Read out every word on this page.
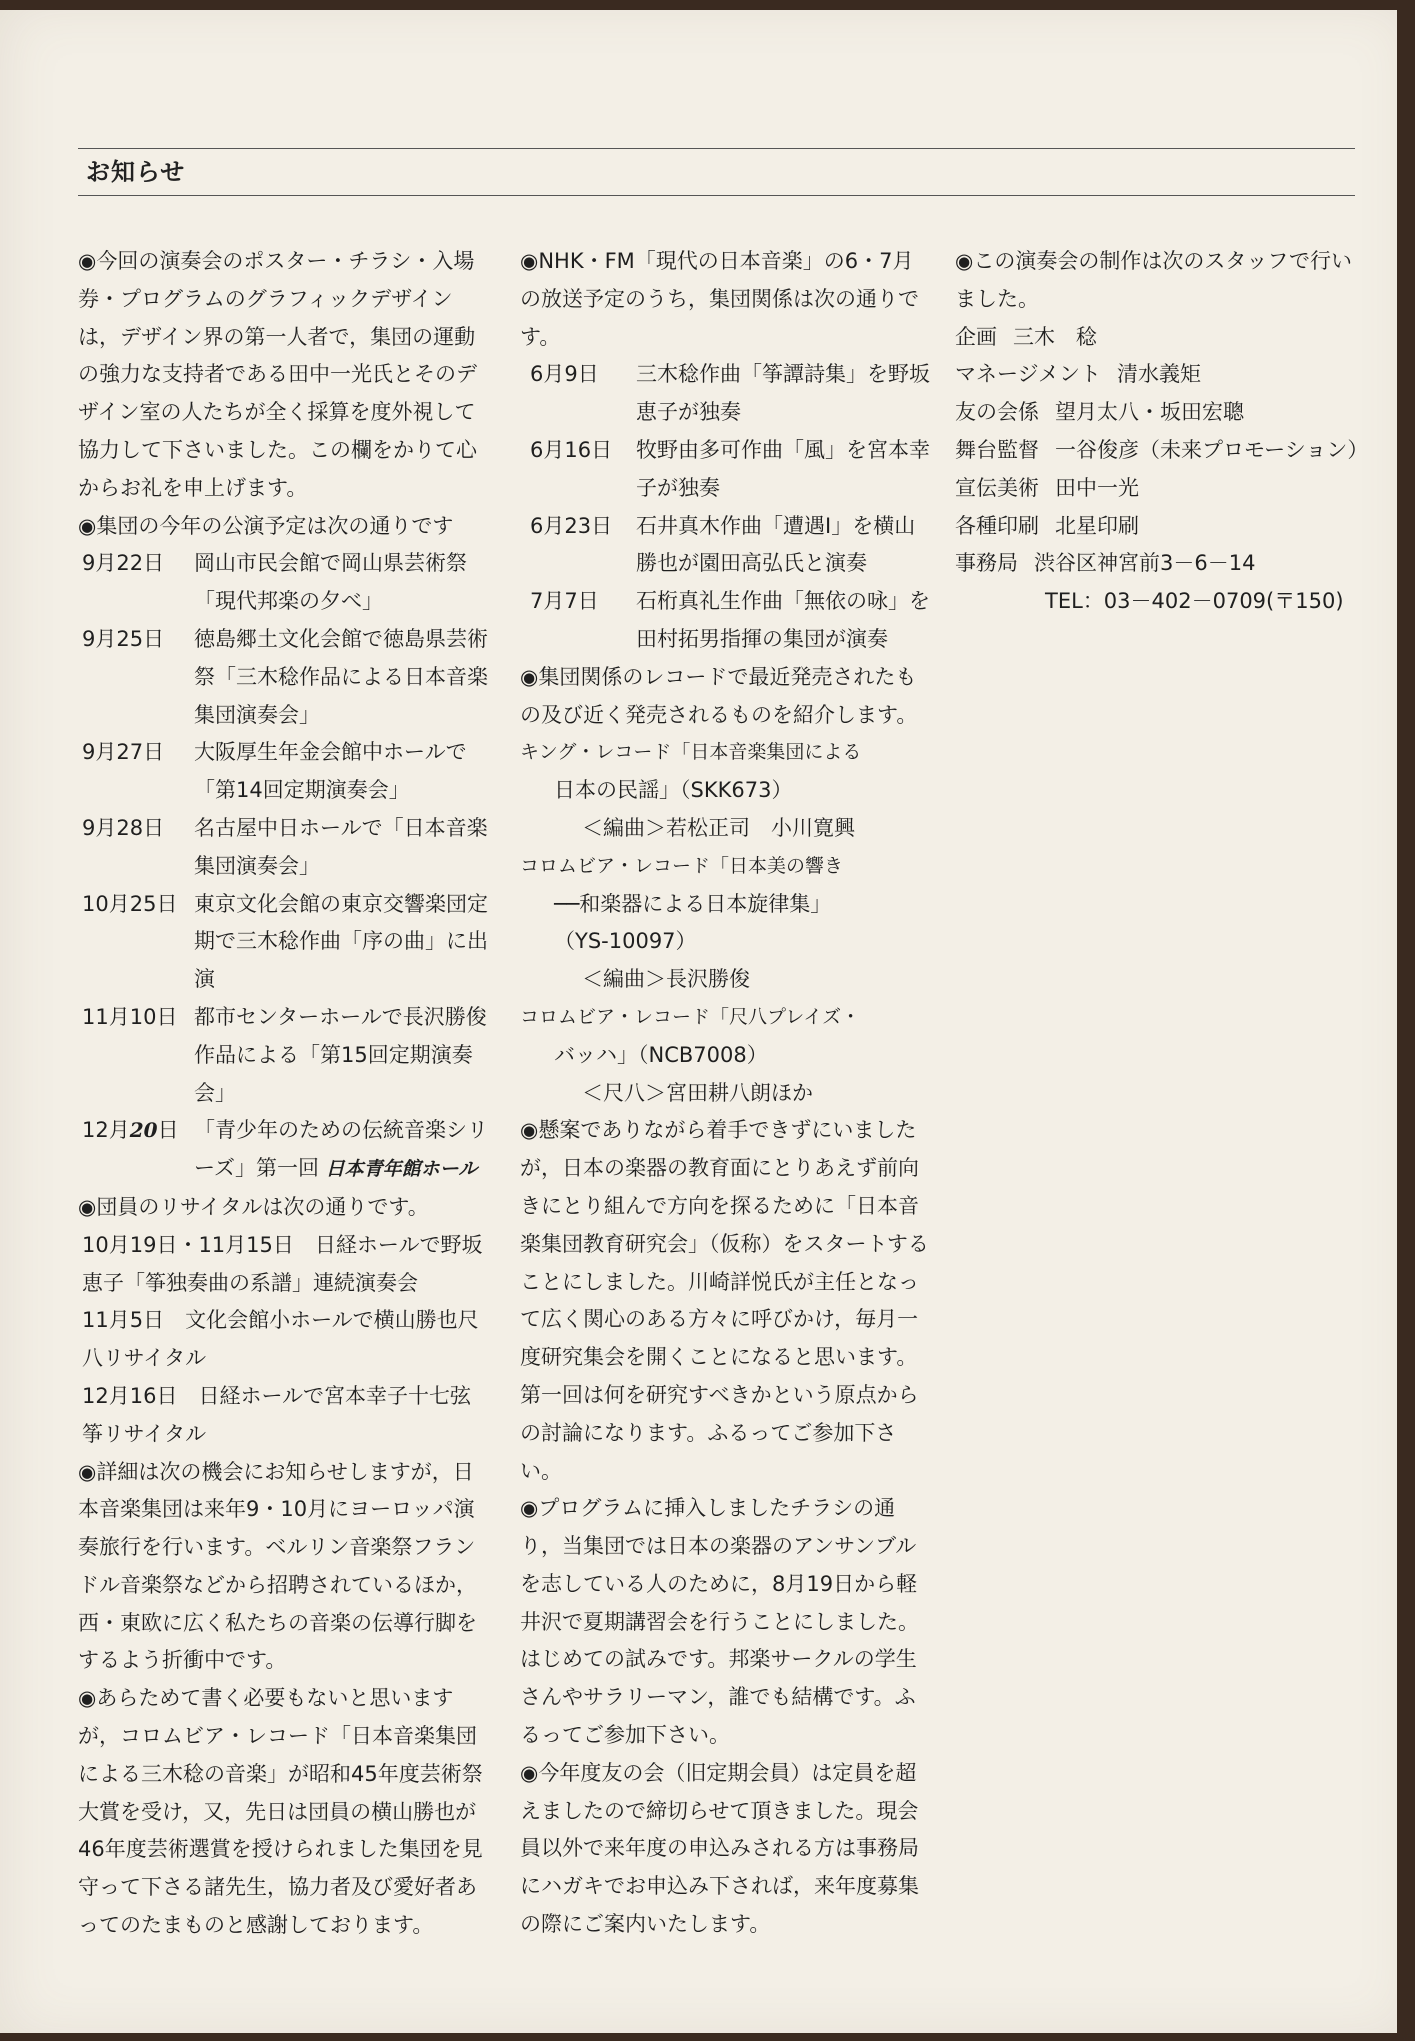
お知らせ

◉今回の演奏会のポスター・チラシ・入場券・プログラムのグラフィックデザインは，デザイン界の第一人者で，集団の運動の強力な支持者である田中一光氏とそのデザイン室の人たちが全く採算を度外視して協力して下さいました。この欄をかりて心からお礼を申上げます。

◉集団の今年の公演予定は次の通りです

9月22日	岡山市民会館で岡山県芸術祭「現代邦楽の夕べ」
9月25日	徳島郷土文化会館で徳島県芸術祭「三木稔作品による日本音楽集団演奏会」
9月27日	大阪厚生年金会館中ホールで「第14回定期演奏会」
9月28日	名古屋中日ホールで「日本音楽集団演奏会」
10月25日 東京文化会館の東京交響楽団定期で三木稔作曲「序の曲」に出演
11月10日 都市センターホールで長沢勝俊作品による「第15回定期演奏会」
12月20日 「青少年のための伝統音楽シリーズ」第一回 日本青年館ホール

◉団員のリサイタルは次の通りです。

10月19日・11月15日　 日経ホールで野坂恵子「筝独奏曲の系譜」連続演奏会
11月5日　 文化会館小ホールで横山勝也尺八リサイタル
12月16日　 日経ホールで宮本幸子十七弦筝リサイタル

◉詳細は次の機会にお知らせしますが，日本音楽集団は来年9・10月にヨーロッパ演奏旅行を行います。ベルリン音楽祭フランドル音楽祭などから招聘されているほか，西・東欧に広く私たちの音楽の伝導行脚をするよう折衝中です。

◉あらためて書く必要もないと思いますが，コロムビア・レコード「日本音楽集団による三木稔の音楽」が昭和45年度芸術祭大賞を受け，又，先日は団員の横山勝也が46年度芸術選賞を授けられました集団を見守って下さる諸先生，協力者及び愛好者あってのたまものと感謝しております。

◉NHK・FM「現代の日本音楽」の6・7月の放送予定のうち，集団関係は次の通りです。

6月9日	三木稔作曲「筝譚詩集」を野坂恵子が独奏
6月16日	牧野由多可作曲「風」を宮本幸子が独奏
6月23日	石井真木作曲「遭遇Ⅰ」を横山勝也が園田高弘氏と演奏
7月7日	石桁真礼生作曲「無依の咏」を田村拓男指揮の集団が演奏

◉集団関係のレコードで最近発売されたもの及び近く発売されるものを紹介します。

キング・レコード「日本音楽集団による

日本の民謡」（SKK673）

＜編曲＞若松正司　小川寛興

コロムビア・レコード「日本美の響き

──和楽器による日本旋律集」

（YS-10097）

＜編曲＞長沢勝俊

コロムビア・レコード「尺八プレイズ・

バッハ」（NCB7008）

＜尺八＞宮田耕八朗ほか

◉懸案でありながら着手できずにいましたが，日本の楽器の教育面にとりあえず前向きにとり組んで方向を探るために「日本音楽集団教育研究会」（仮称）をスタートすることにしました。川崎詳悦氏が主任となって広く関心のある方々に呼びかけ，毎月一度研究集会を開くことになると思います。第一回は何を研究すべきかという原点からの討論になります。ふるってご参加下さい。

◉プログラムに挿入しましたチラシの通り，当集団では日本の楽器のアンサンブルを志している人のために，8月19日から軽井沢で夏期講習会を行うことにしました。はじめての試みです。邦楽サークルの学生さんやサラリーマン，誰でも結構です。ふるってご参加下さい。

◉今年度友の会（旧定期会員）は定員を超えましたので締切らせて頂きました。現会員以外で来年度の申込みされる方は事務局にハガキでお申込み下されば，来年度募集の際にご案内いたします。

◉この演奏会の制作は次のスタッフで行いました。

企画 三木　稔
マネージメント 清水義矩
友の会係 望月太八・坂田宏聰
舞台監督 一谷俊彦（未来プロモーション）
宣伝美術 田中一光
各種印刷 北星印刷
事務局 渋谷区神宮前3－6－14

TEL：03－402－0709(〒150)
